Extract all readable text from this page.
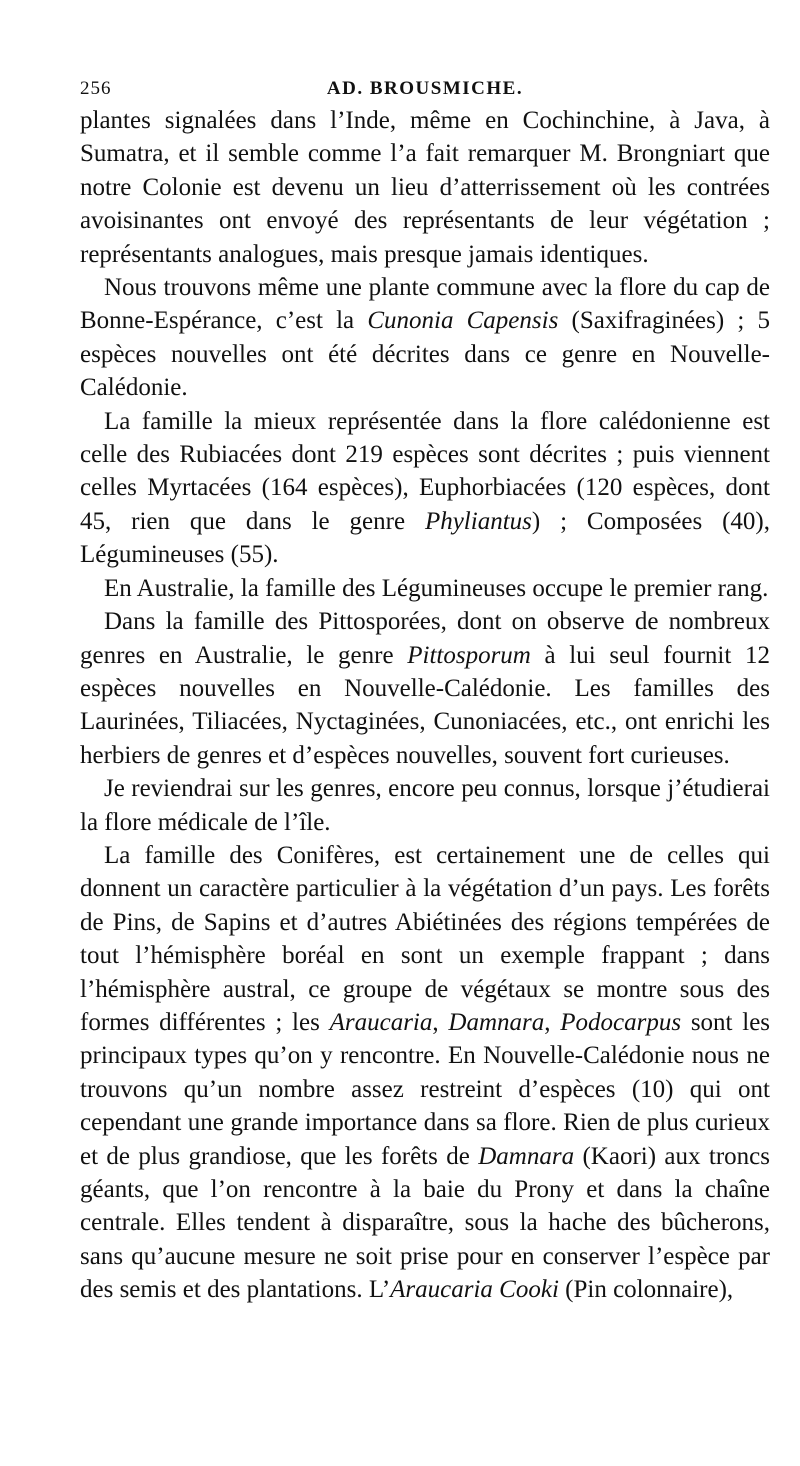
256	AD. BROUSMICHE.

plantes signalées dans l’Inde, même en Cochinchine, à Java, à Sumatra, et il semble comme l’a fait remarquer M. Brongniart que notre Colonie est devenu un lieu d’atterrissement où les contrées avoisinantes ont envoyé des représentants de leur végétation ; représentants analogues, mais presque jamais identiques.

Nous trouvons même une plante commune avec la flore du cap de Bonne-Espérance, c’est la Cunonia Capensis (Saxifraginées) ; 5 espèces nouvelles ont été décrites dans ce genre en Nouvelle-Calédonie.

La famille la mieux représentée dans la flore calédonienne est celle des Rubiacées dont 219 espèces sont décrites ; puis viennent celles Myrtacées (164 espèces), Euphorbiacées (120 espèces, dont 45, rien que dans le genre Phyliantus) ; Composées (40), Légumineuses (55).

En Australie, la famille des Légumineuses occupe le premier rang.

Dans la famille des Pittosporées, dont on observe de nombreux genres en Australie, le genre Pittosporum à lui seul fournit 12 espèces nouvelles en Nouvelle-Calédonie. Les familles des Laurinées, Tiliacées, Nyctaginées, Cunoniacées, etc., ont enrichi les herbiers de genres et d’espèces nouvelles, souvent fort curieuses.

Je reviendrai sur les genres, encore peu connus, lorsque j’étudierai la flore médicale de l’île.

La famille des Conifères, est certainement une de celles qui donnent un caractère particulier à la végétation d’un pays. Les forêts de Pins, de Sapins et d’autres Abiétinées des régions tempérées de tout l’hémisphère boréal en sont un exemple frappant ; dans l’hémisphère austral, ce groupe de végétaux se montre sous des formes différentes ; les Araucaria, Damnara, Podocarpus sont les principaux types qu’on y rencontre. En Nouvelle-Calédonie nous ne trouvons qu’un nombre assez restreint d’espèces (10) qui ont cependant une grande importance dans sa flore. Rien de plus curieux et de plus grandiose, que les forêts de Damnara (Kaori) aux troncs géants, que l’on rencontre à la baie du Prony et dans la chaîne centrale. Elles tendent à disparaître, sous la hache des bûcherons, sans qu’aucune mesure ne soit prise pour en conserver l’espèce par des semis et des plantations. L’Araucaria Cooki (Pin colonnaire),
